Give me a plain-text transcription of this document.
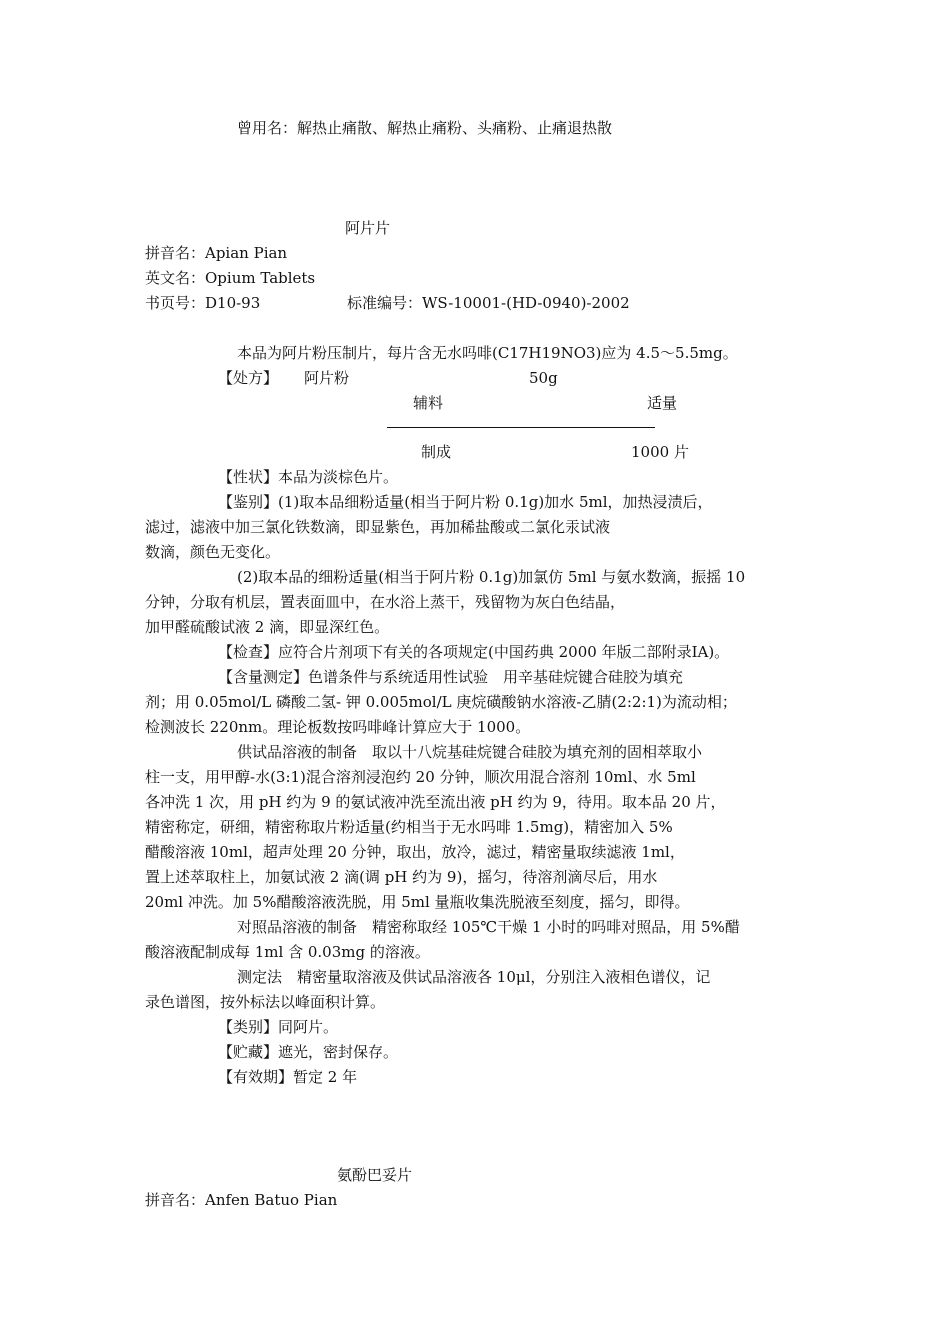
曾用名：解热止痛散、解热止痛粉、头痛粉、止痛退热散
阿片片
拼音名：Apian Pian
英文名：Opium Tablets
书页号：D10-93	标准编号：WS-10001-(HD-0940)-2002
本品为阿片粉压制片，每片含无水吗啡(C17H19NO3)应为 4.5～5.5mg。
【处方】 阿片粉	50g
辅料	适量
制成	1000 片
【性状】本品为淡棕色片。
【鉴别】(1)取本品细粉适量(相当于阿片粉 0.1g)加水 5ml，加热浸渍后，
滤过，滤液中加三氯化铁数滴，即显紫色，再加稀盐酸或二氯化汞试液
数滴，颜色无变化。
(2)取本品的细粉适量(相当于阿片粉 0.1g)加氯仿 5ml 与氨水数滴，振摇 10
分钟，分取有机层，置表面皿中，在水浴上蒸干，残留物为灰白色结晶，
加甲醛硫酸试液 2 滴，即显深红色。
【检查】应符合片剂项下有关的各项规定(中国药典 2000 年版二部附录ⅠA)。
【含量测定】色谱条件与系统适用性试验　用辛基硅烷键合硅胶为填充
剂；用 0.05mol/L 磷酸二氢- 钾 0.005mol/L 庚烷磺酸钠水溶液-乙腈(2:2:1)为流动相；
检测波长 220nm。理论板数按吗啡峰计算应大于 1000。
供试品溶液的制备　取以十八烷基硅烷键合硅胶为填充剂的固相萃取小
柱一支，用甲醇-水(3:1)混合溶剂浸泡约 20 分钟，顺次用混合溶剂 10ml、水 5ml
各冲洗 1 次，用 pH 约为 9 的氨试液冲洗至流出液 pH 约为 9，待用。取本品 20 片，
精密称定，研细，精密称取片粉适量(约相当于无水吗啡 1.5mg)，精密加入 5%
醋酸溶液 10ml，超声处理 20 分钟，取出，放冷，滤过，精密量取续滤液 1ml，
置上述萃取柱上，加氨试液 2 滴(调 pH 约为 9)，摇匀，待溶剂滴尽后，用水
20ml 冲洗。加 5%醋酸溶液洗脱，用 5ml 量瓶收集洗脱液至刻度，摇匀，即得。
对照品溶液的制备　精密称取经 105℃干燥 1 小时的吗啡对照品，用 5%醋
酸溶液配制成每 1ml 含 0.03mg 的溶液。
测定法　精密量取溶液及供试品溶液各 10μl，分别注入液相色谱仪，记
录色谱图，按外标法以峰面积计算。
【类别】同阿片。
【贮藏】遮光，密封保存。
【有效期】暂定 2 年
氨酚巴妥片
拼音名：Anfen Batuo Pian
